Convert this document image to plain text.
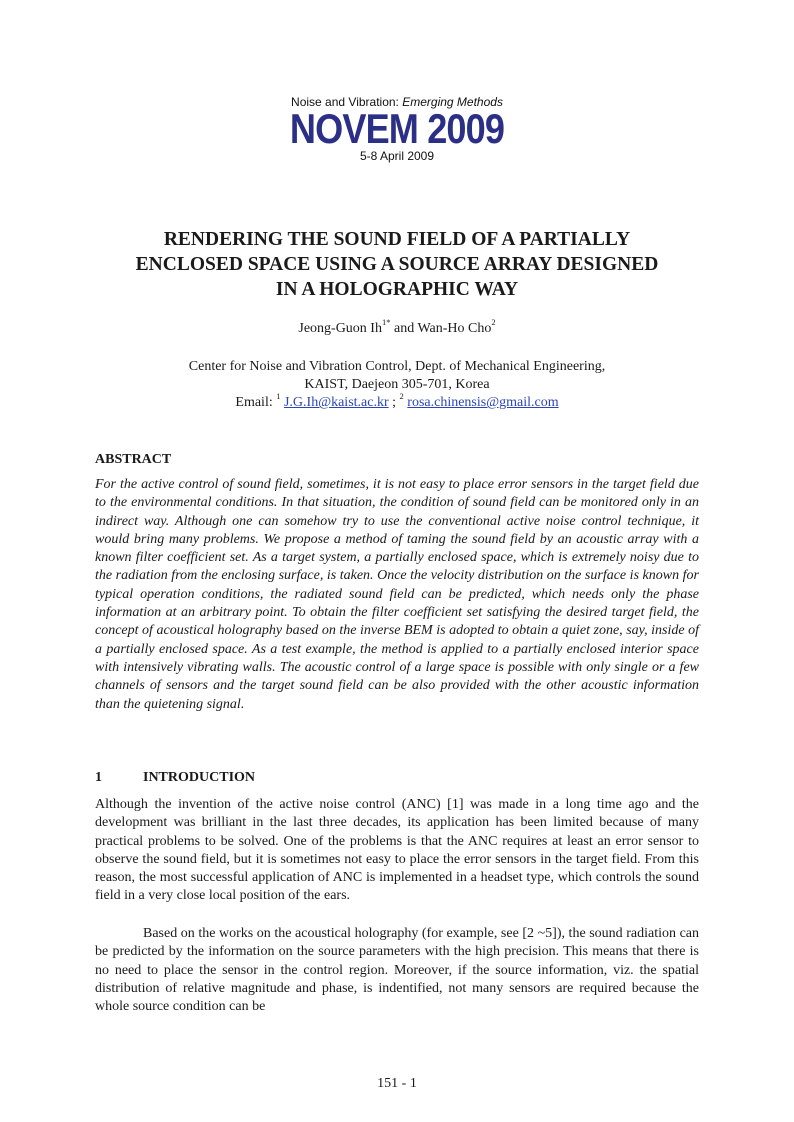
Noise and Vibration: Emerging Methods
NOVEM 2009
5-8 April 2009
RENDERING THE SOUND FIELD OF A PARTIALLY
ENCLOSED SPACE USING A SOURCE ARRAY DESIGNED
IN A HOLOGRAPHIC WAY
Jeong-Guon $Ih^{1*}$ and Wan-Ho Cho$^2$
Center for Noise and Vibration Control, Dept. of Mechanical Engineering,
KAIST, Daejeon 305-701, Korea
Email: $^1$ J.G.Ih@kaist.ac.kr ; $^2$ rosa.chinensis@gmail.com
ABSTRACT

For the active control of sound field, sometimes, it is not easy to place error sensors in the target field due to the environmental conditions. In that situation, the condition of sound field can be monitored only in an indirect way. Although one can somehow try to use the conventional active noise control technique, it would bring many problems. We propose a method of taming the sound field by an acoustic array with a known filter coefficient set. As a target system, a partially enclosed space, which is extremely noisy due to the radiation from the enclosing surface, is taken. Once the velocity distribution on the surface is known for typical operation conditions, the radiated sound field can be predicted, which needs only the phase information at an arbitrary point. To obtain the filter coefficient set satisfying the desired target field, the concept of acoustical holography based on the inverse BEM is adopted to obtain a quiet zone, say, inside of a partially enclosed space. As a test example, the method is applied to a partially enclosed interior space with intensively vibrating walls. The acoustic control of a large space is possible with only single or a few channels of sensors and the target sound field can be also provided with the other acoustic information than the quietening signal.

1	INTRODUCTION

Although the invention of the active noise control (ANC) [1] was made in a long time ago and the development was brilliant in the last three decades, its application has been limited because of many practical problems to be solved. One of the problems is that the ANC requires at least an error sensor to observe the sound field, but it is sometimes not easy to place the error sensors in the target field. From this reason, the most successful application of ANC is implemented in a headset type, which controls the sound field in a very close local position of the ears.

Based on the works on the acoustical holography (for example, see [2 ~5]), the sound radiation can be predicted by the information on the source parameters with the high precision. This means that there is no need to place the sensor in the control region. Moreover, if the source information, viz. the spatial distribution of relative magnitude and phase, is indentified, not many sensors are required because the whole source condition can be

151 - 1
